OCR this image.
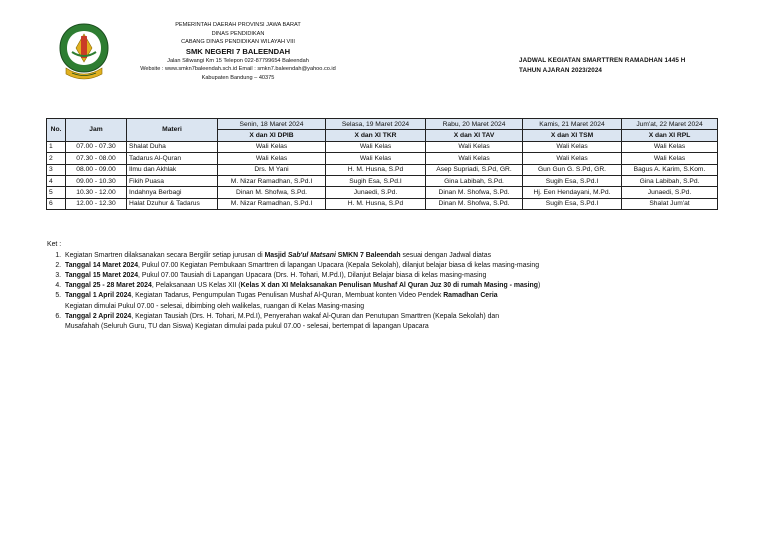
PEMERINTAH DAERAH PROVINSI JAWA BARAT
DINAS PENDIDIKAN
CABANG DINAS PENDIDIKAN WILAYAH VIII
SMK NEGERI 7 BALEENDAH
Jalan Siliwangi Km 15 Telepon 022-87799654 Baleendah
Website : www.smkn7baleendah.sch.id Email : smkn7.baleendah@yahoo.co.id
Kabupaten Bandung – 40375
JADWAL KEGIATAN SMARTTREN RAMADHAN 1445 H
TAHUN AJARAN 2023/2024
No.	Jam	Materi	Senin, 18 Maret 2024	Selasa, 19 Maret 2024	Rabu, 20 Maret 2024	Kamis, 21 Maret 2024	Jum'at, 22 Maret 2024
			X dan XI DPIB	X dan XI TKR	X dan XI TAV	X dan XI TSM	X dan XI RPL
1	07.00 - 07.30	Shalat Duha	Wali Kelas	Wali Kelas	Wali Kelas	Wali Kelas	Wali Kelas
2	07.30 - 08.00	Tadarus Al-Quran	Wali Kelas	Wali Kelas	Wali Kelas	Wali Kelas	Wali Kelas
3	08.00 - 09.00	Ilmu dan Akhlak	Drs. M Yani	H. M. Husna, S.Pd	Asep Supriadi, S.Pd, GR.	Gun Gun G. S.Pd, GR.	Bagus A. Karim, S.Kom.
4	09.00 - 10.30	Fikih Puasa	M. Nizar Ramadhan, S.Pd.I	Sugih Esa, S.Pd.I	Gina Labibah, S.Pd.	Sugih Esa, S.Pd.I	Gina Labibah, S.Pd.
5	10.30 - 12.00	Indahnya Berbagi	Dinan M. Shofwa, S.Pd.	Junaedi, S.Pd.	Dinan M. Shofwa, S.Pd.	Hj. Een Hendayani, M.Pd.	Junaedi, S.Pd.
6	12.00 - 12.30	Halat Dzuhur & Tadarus	M. Nizar Ramadhan, S.Pd.I	H. M. Husna, S.Pd	Dinan M. Shofwa, S.Pd.	Sugih Esa, S.Pd.I	Shalat Jum'at
Ket :
1. Kegiatan Smartren dilaksanakan secara Bergilir setiap jurusan di Masjid Sab'ul Matsani SMKN 7 Baleendah sesuai dengan Jadwal diatas
2. Tanggal 14 Maret 2024, Pukul 07.00 Kegiatan Pembukaan Smarttren di lapangan Upacara (Kepala Sekolah), dilanjut belajar biasa di kelas masing-masing
3. Tanggal 15 Maret 2024, Pukul 07.00 Tausiah di Lapangan Upacara (Drs. H. Tohari, M.Pd.I), Dilanjut Belajar biasa di kelas masing-masing
4. Tanggal 25 - 28 Maret 2024, Pelaksanaan US Kelas XII (Kelas X dan XI Melaksanakan Penulisan Mushaf Al Quran Juz 30 di rumah Masing - masing)
5. Tanggal 1 April 2024, Kegiatan Tadarus, Pengumpulan Tugas Penulisan Mushaf Al-Quran, Membuat konten Video Pendek Ramadhan Ceria
Kegiatan dimulai Pukul 07.00 - selesai, dibimbing oleh walikelas, ruangan di Kelas Masing-masing
6. Tanggal 2 April 2024, Kegiatan Tausiah (Drs. H. Tohari, M.Pd.I), Penyerahan wakaf Al-Quran dan Penutupan Smarttren (Kepala Sekolah) dan
Musafahah (Seluruh Guru, TU dan Siswa) Kegiatan dimulai pada pukul 07.00 - selesai, bertempat di lapangan Upacara
